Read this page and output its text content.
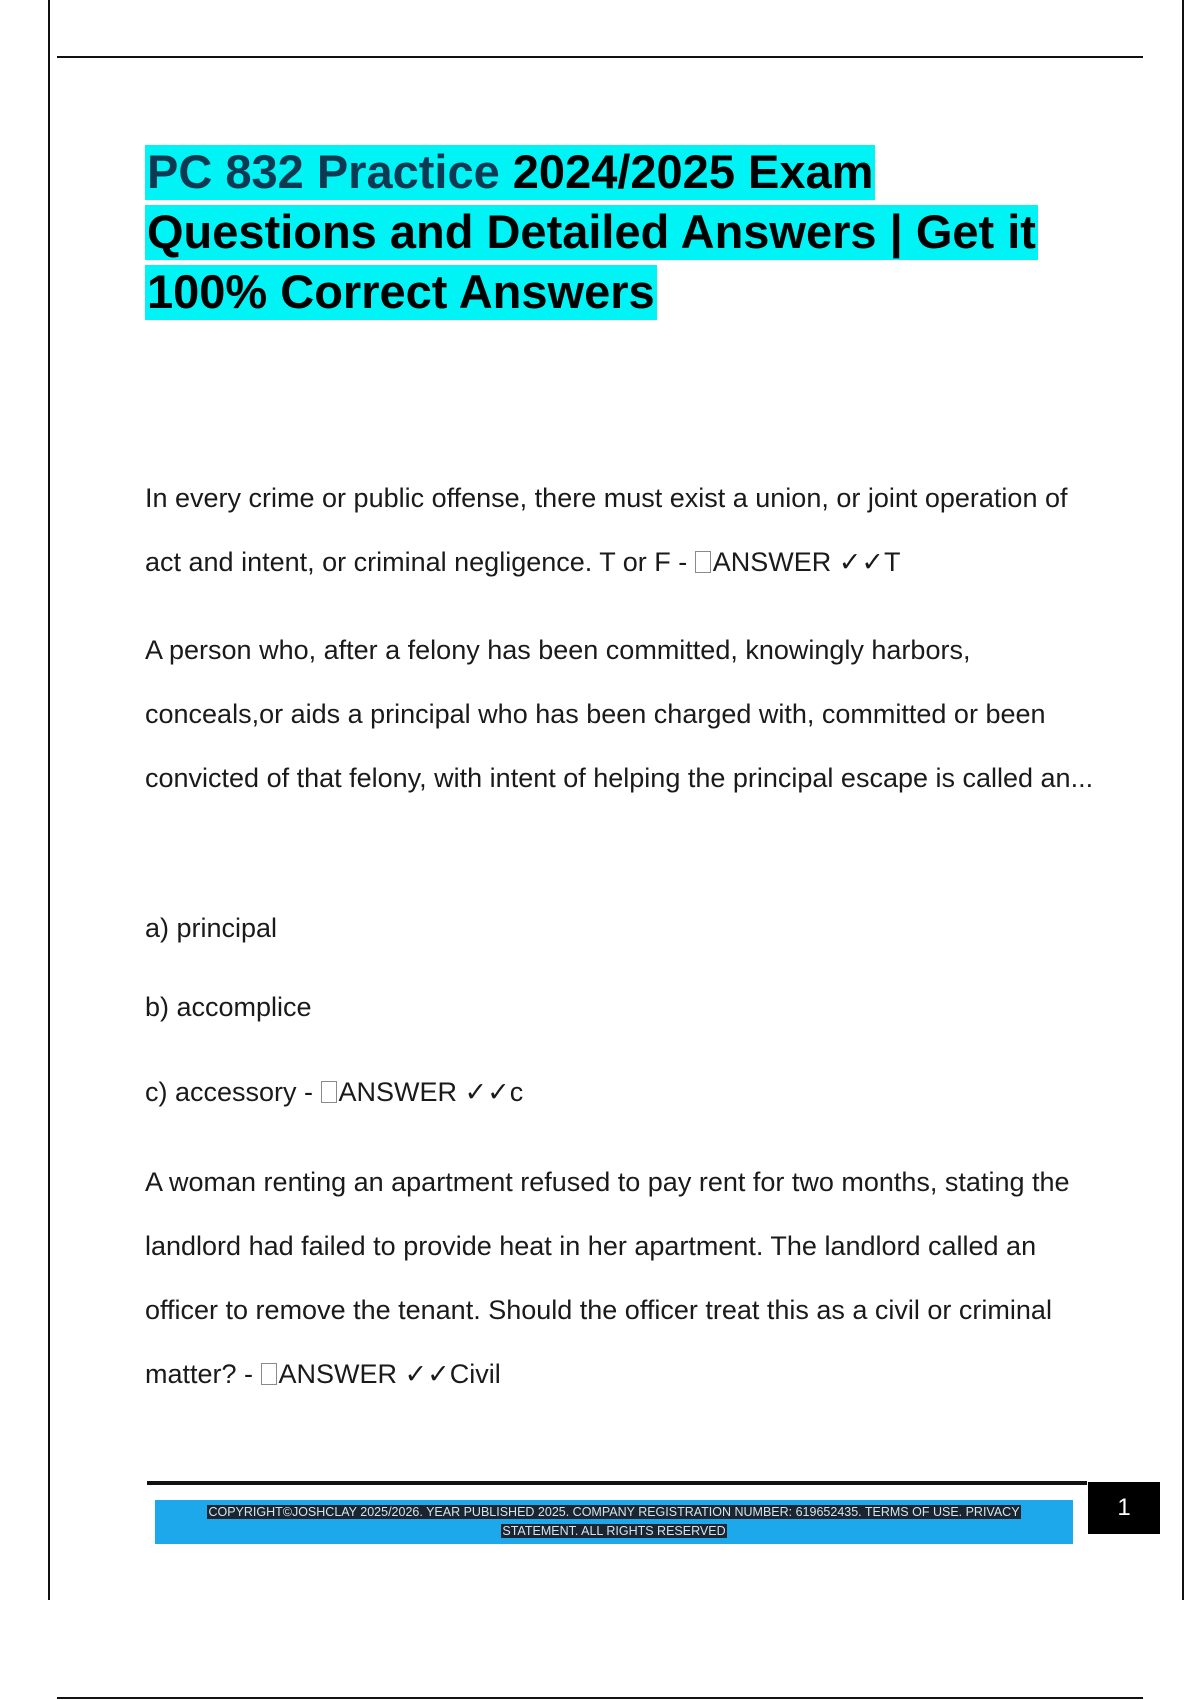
PC 832 Practice 2024/2025 Exam
Questions and Detailed Answers | Get it
100% Correct Answers

In every crime or public offense, there must exist a union, or joint operation of act and intent, or criminal negligence. T or F - ANSWER ✓✓T

A person who, after a felony has been committed, knowingly harbors, conceals,or aids a principal who has been charged with, committed or been convicted of that felony, with intent of helping the principal escape is called an...

a) principal

b) accomplice

c) accessory - ANSWER ✓✓c

A woman renting an apartment refused to pay rent for two months, stating the landlord had failed to provide heat in her apartment. The landlord called an officer to remove the tenant. Should the officer treat this as a civil or criminal matter? - ANSWER ✓✓Civil

COPYRIGHT©JOSHCLAY 2025/2026. YEAR PUBLISHED 2025. COMPANY REGISTRATION NUMBER: 619652435. TERMS OF USE. PRIVACY
STATEMENT. ALL RIGHTS RESERVED
1
